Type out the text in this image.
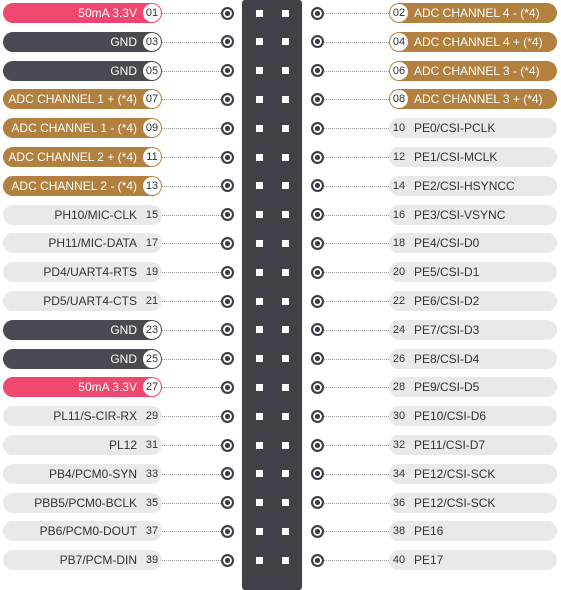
50mA 3.3V 01	02 ADC CHANNEL 4 - (*4)
GND 03	04 ADC CHANNEL 4 + (*4)
GND 05	06 ADC CHANNEL 3 - (*4)
ADC CHANNEL 1 + (*4) 07	08 ADC CHANNEL 3 + (*4)
ADC CHANNEL 1 - (*4) 09	10 PE0/CSI-PCLK
ADC CHANNEL 2 + (*4) 11	12 PE1/CSI-MCLK
ADC CHANNEL 2 - (*4) 13	14 PE2/CSI-HSYNCC
PH10/MIC-CLK 15	16 PE3/CSI-VSYNC
PH11/MIC-DATA 17	18 PE4/CSI-D0
PD4/UART4-RTS 19	20 PE5/CSI-D1
PD5/UART4-CTS 21	22 PE6/CSI-D2
GND 23	24 PE7/CSI-D3
GND 25	26 PE8/CSI-D4
50mA 3.3V 27	28 PE9/CSI-D5
PL11/S-CIR-RX 29	30 PE10/CSI-D6
PL12 31	32 PE11/CSI-D7
PB4/PCM0-SYN 33	34 PE12/CSI-SCK
PBB5/PCM0-BCLK 35	36 PE12/CSI-SCK
PB6/PCM0-DOUT 37	38 PE16
PB7/PCM-DIN 39	40 PE17
